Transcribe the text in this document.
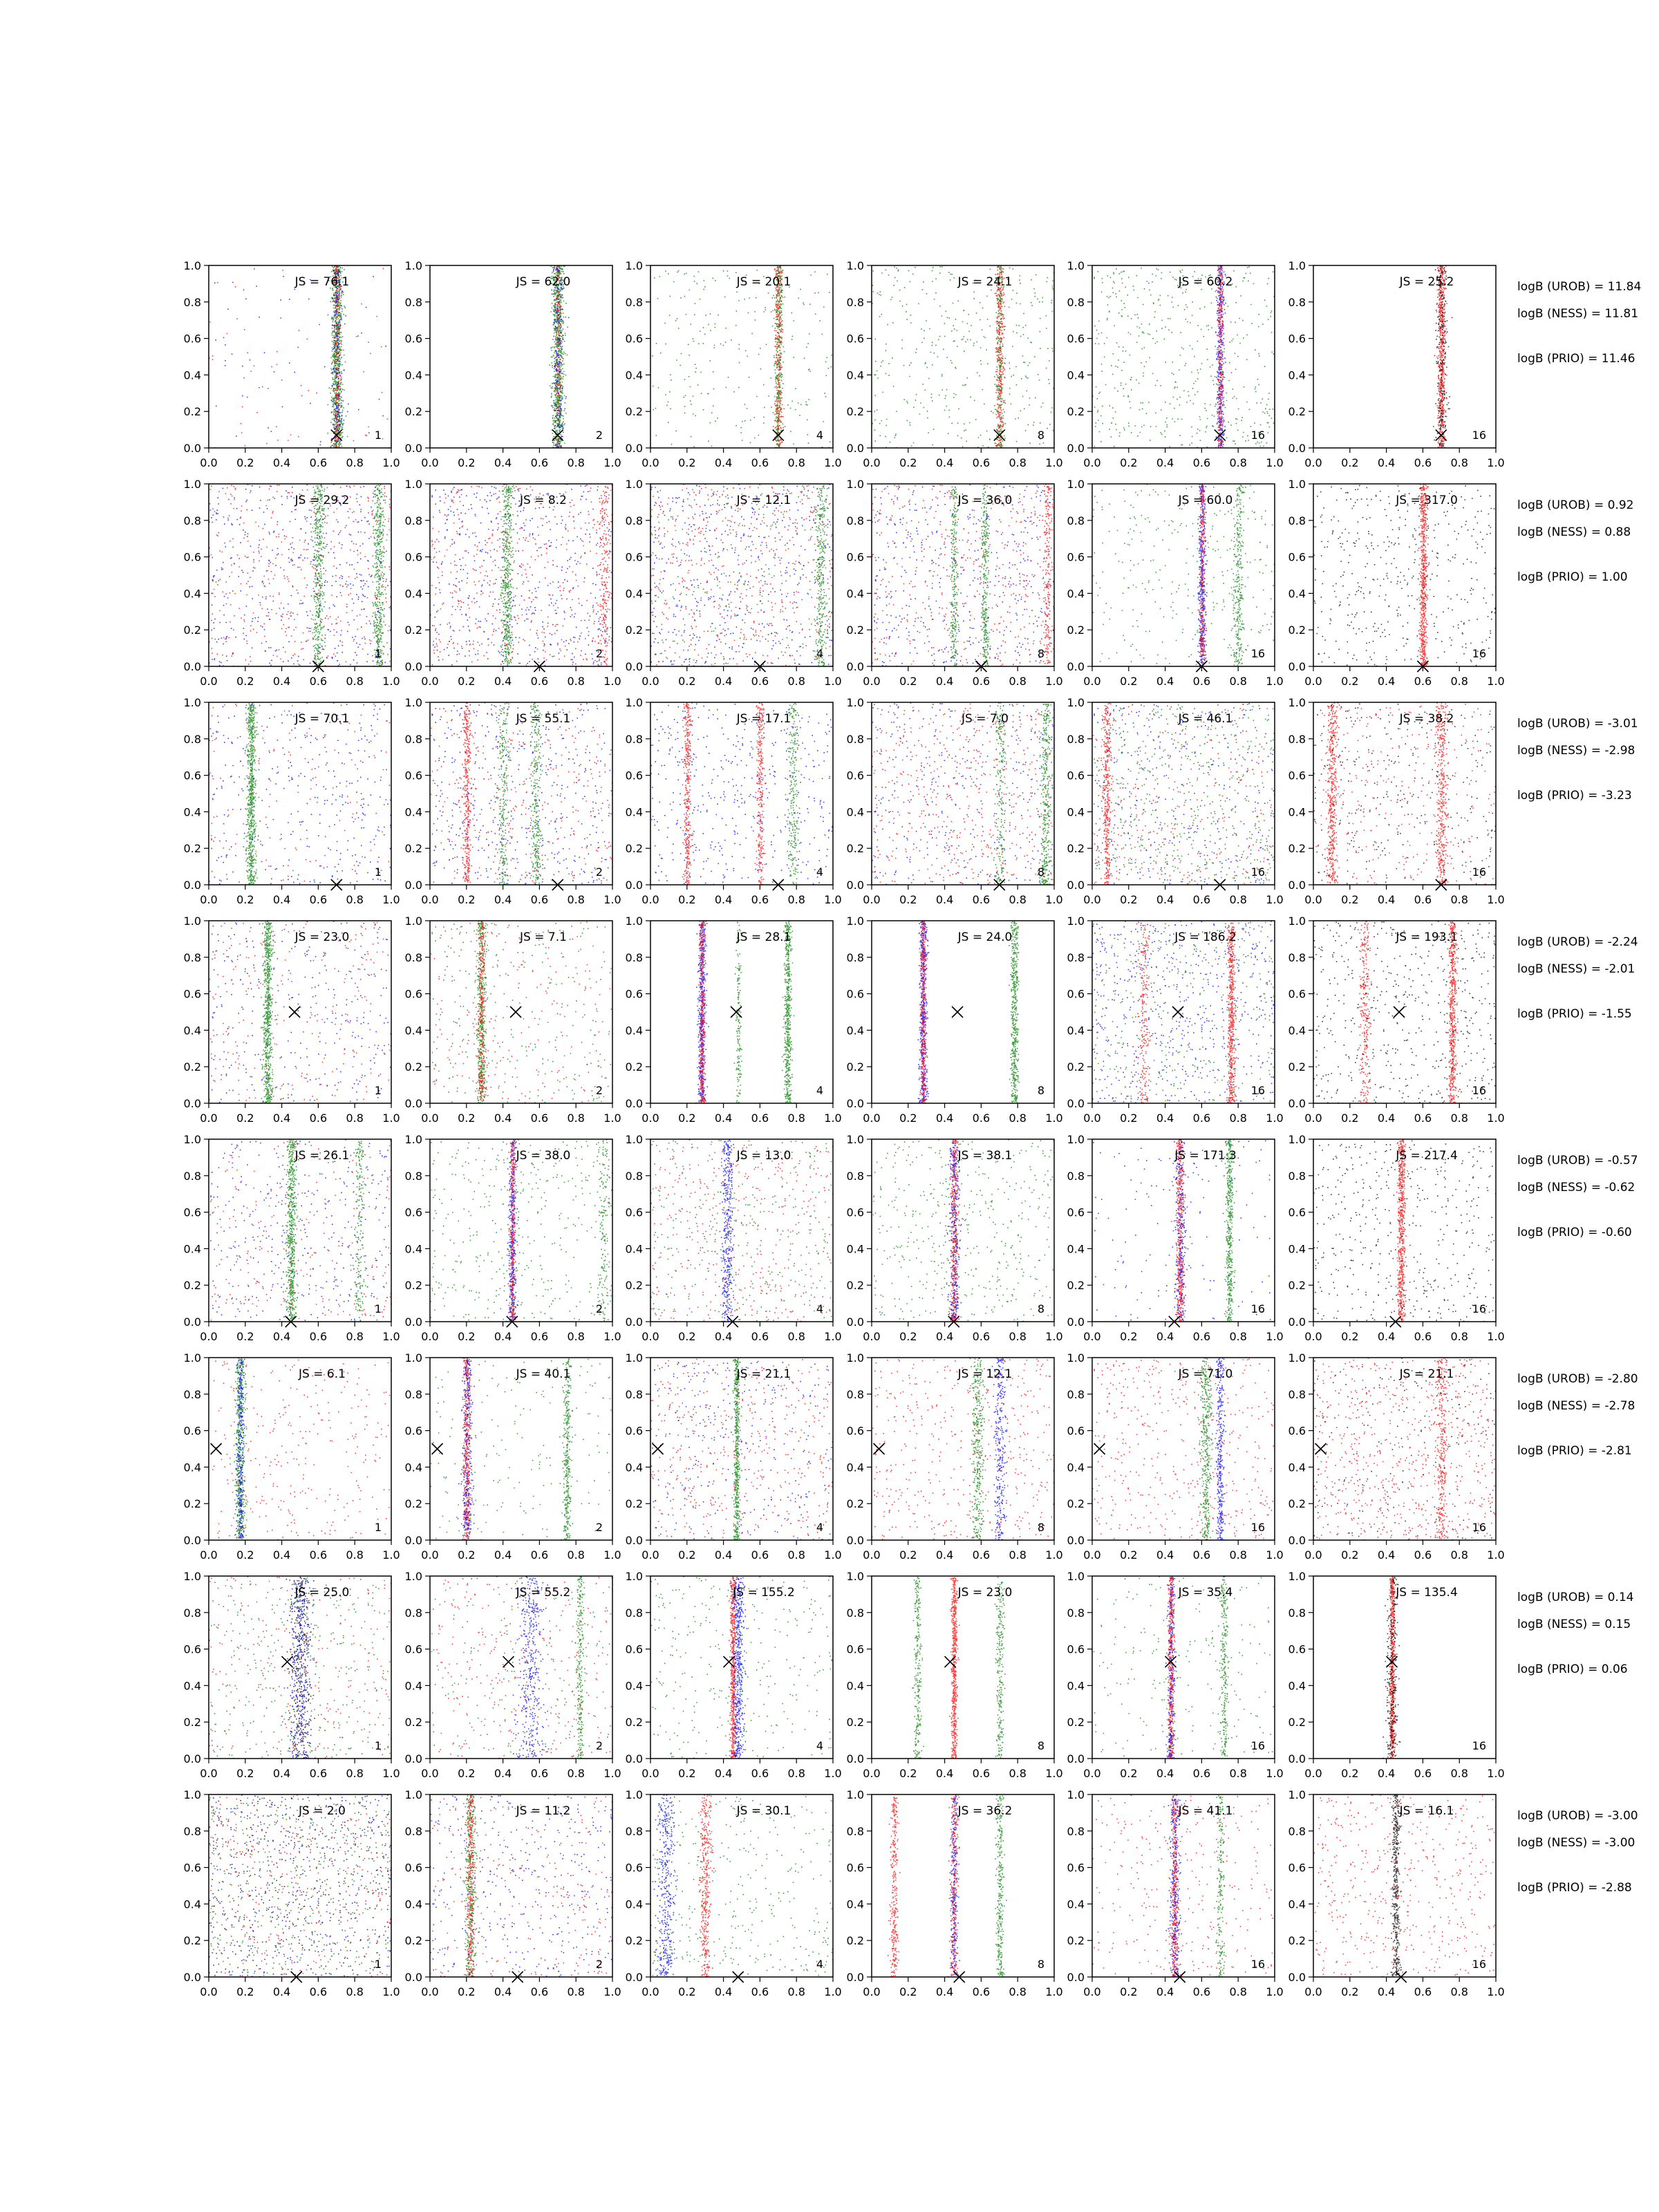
0.0
0.0
0.2
0.2
0.4
0.4
0.6
0.6
0.8
0.8
1.0
1.0
JS = 76.1
1
0.0
0.0
0.2
0.2
0.4
0.4
0.6
0.6
0.8
0.8
1.0
1.0
JS = 62.0
2
0.0
0.0
0.2
0.2
0.4
0.4
0.6
0.6
0.8
0.8
1.0
1.0
JS = 20.1
4
0.0
0.0
0.2
0.2
0.4
0.4
0.6
0.6
0.8
0.8
1.0
1.0
JS = 24.1
8
0.0
0.0
0.2
0.2
0.4
0.4
0.6
0.6
0.8
0.8
1.0
1.0
JS = 60.2
16
0.0
0.0
0.2
0.2
0.4
0.4
0.6
0.6
0.8
0.8
1.0
1.0
JS = 25.2
16
0.0
0.0
0.2
0.2
0.4
0.4
0.6
0.6
0.8
0.8
1.0
1.0
JS = 29.2
1
0.0
0.0
0.2
0.2
0.4
0.4
0.6
0.6
0.8
0.8
1.0
1.0
JS = 8.2
2
0.0
0.0
0.2
0.2
0.4
0.4
0.6
0.6
0.8
0.8
1.0
1.0
JS = 12.1
4
0.0
0.0
0.2
0.2
0.4
0.4
0.6
0.6
0.8
0.8
1.0
1.0
JS = 36.0
8
0.0
0.0
0.2
0.2
0.4
0.4
0.6
0.6
0.8
0.8
1.0
1.0
JS = 60.0
16
0.0
0.0
0.2
0.2
0.4
0.4
0.6
0.6
0.8
0.8
1.0
1.0
JS = 317.0
16
0.0
0.0
0.2
0.2
0.4
0.4
0.6
0.6
0.8
0.8
1.0
1.0
JS = 70.1
1
0.0
0.0
0.2
0.2
0.4
0.4
0.6
0.6
0.8
0.8
1.0
1.0
JS = 55.1
2
0.0
0.0
0.2
0.2
0.4
0.4
0.6
0.6
0.8
0.8
1.0
1.0
JS = 17.1
4
0.0
0.0
0.2
0.2
0.4
0.4
0.6
0.6
0.8
0.8
1.0
1.0
JS = 7.0
8
0.0
0.0
0.2
0.2
0.4
0.4
0.6
0.6
0.8
0.8
1.0
1.0
JS = 46.1
16
0.0
0.0
0.2
0.2
0.4
0.4
0.6
0.6
0.8
0.8
1.0
1.0
JS = 38.2
16
0.0
0.0
0.2
0.2
0.4
0.4
0.6
0.6
0.8
0.8
1.0
1.0
JS = 23.0
1
0.0
0.0
0.2
0.2
0.4
0.4
0.6
0.6
0.8
0.8
1.0
1.0
JS = 7.1
2
0.0
0.0
0.2
0.2
0.4
0.4
0.6
0.6
0.8
0.8
1.0
1.0
JS = 28.1
4
0.0
0.0
0.2
0.2
0.4
0.4
0.6
0.6
0.8
0.8
1.0
1.0
JS = 24.0
8
0.0
0.0
0.2
0.2
0.4
0.4
0.6
0.6
0.8
0.8
1.0
1.0
JS = 186.2
16
0.0
0.0
0.2
0.2
0.4
0.4
0.6
0.6
0.8
0.8
1.0
1.0
JS = 193.1
16
0.0
0.0
0.2
0.2
0.4
0.4
0.6
0.6
0.8
0.8
1.0
1.0
JS = 26.1
1
0.0
0.0
0.2
0.2
0.4
0.4
0.6
0.6
0.8
0.8
1.0
1.0
JS = 38.0
2
0.0
0.0
0.2
0.2
0.4
0.4
0.6
0.6
0.8
0.8
1.0
1.0
JS = 13.0
4
0.0
0.0
0.2
0.2
0.4
0.4
0.6
0.6
0.8
0.8
1.0
1.0
JS = 38.1
8
0.0
0.0
0.2
0.2
0.4
0.4
0.6
0.6
0.8
0.8
1.0
1.0
JS = 171.3
16
0.0
0.0
0.2
0.2
0.4
0.4
0.6
0.6
0.8
0.8
1.0
1.0
JS = 217.4
16
0.0
0.0
0.2
0.2
0.4
0.4
0.6
0.6
0.8
0.8
1.0
1.0
JS = 6.1
1
0.0
0.0
0.2
0.2
0.4
0.4
0.6
0.6
0.8
0.8
1.0
1.0
JS = 40.1
2
0.0
0.0
0.2
0.2
0.4
0.4
0.6
0.6
0.8
0.8
1.0
1.0
JS = 21.1
4
0.0
0.0
0.2
0.2
0.4
0.4
0.6
0.6
0.8
0.8
1.0
1.0
JS = 12.1
8
0.0
0.0
0.2
0.2
0.4
0.4
0.6
0.6
0.8
0.8
1.0
1.0
JS = 71.0
16
0.0
0.0
0.2
0.2
0.4
0.4
0.6
0.6
0.8
0.8
1.0
1.0
JS = 21.1
16
0.0
0.0
0.2
0.2
0.4
0.4
0.6
0.6
0.8
0.8
1.0
1.0
JS = 25.0
1
0.0
0.0
0.2
0.2
0.4
0.4
0.6
0.6
0.8
0.8
1.0
1.0
JS = 55.2
2
0.0
0.0
0.2
0.2
0.4
0.4
0.6
0.6
0.8
0.8
1.0
1.0
JS = 155.2
4
0.0
0.0
0.2
0.2
0.4
0.4
0.6
0.6
0.8
0.8
1.0
1.0
JS = 23.0
8
0.0
0.0
0.2
0.2
0.4
0.4
0.6
0.6
0.8
0.8
1.0
1.0
JS = 35.4
16
0.0
0.0
0.2
0.2
0.4
0.4
0.6
0.6
0.8
0.8
1.0
1.0
JS = 135.4
16
0.0
0.0
0.2
0.2
0.4
0.4
0.6
0.6
0.8
0.8
1.0
1.0
JS = 2.0
1
0.0
0.0
0.2
0.2
0.4
0.4
0.6
0.6
0.8
0.8
1.0
1.0
JS = 11.2
2
0.0
0.0
0.2
0.2
0.4
0.4
0.6
0.6
0.8
0.8
1.0
1.0
JS = 30.1
4
0.0
0.0
0.2
0.2
0.4
0.4
0.6
0.6
0.8
0.8
1.0
1.0
JS = 36.2
8
0.0
0.0
0.2
0.2
0.4
0.4
0.6
0.6
0.8
0.8
1.0
1.0
JS = 41.1
16
0.0
0.0
0.2
0.2
0.4
0.4
0.6
0.6
0.8
0.8
1.0
1.0
JS = 16.1
16
logB (UROB) = 11.84
logB (NESS) = 11.81
logB (PRIO) = 11.46
logB (UROB) = 0.92
logB (NESS) = 0.88
logB (PRIO) = 1.00
logB (UROB) = -3.01
logB (NESS) = -2.98
logB (PRIO) = -3.23
logB (UROB) = -2.24
logB (NESS) = -2.01
logB (PRIO) = -1.55
logB (UROB) = -0.57
logB (NESS) = -0.62
logB (PRIO) = -0.60
logB (UROB) = -2.80
logB (NESS) = -2.78
logB (PRIO) = -2.81
logB (UROB) = 0.14
logB (NESS) = 0.15
logB (PRIO) = 0.06
logB (UROB) = -3.00
logB (NESS) = -3.00
logB (PRIO) = -2.88
